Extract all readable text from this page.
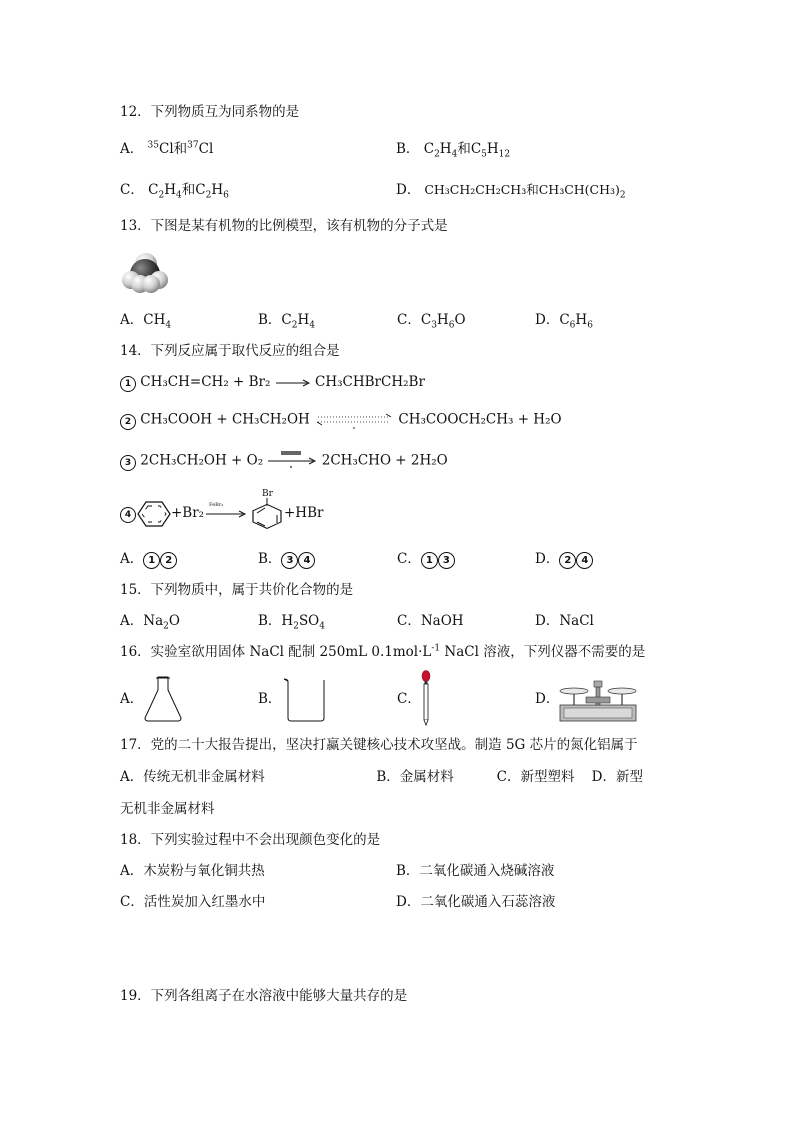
12．下列物质互为同系物的是
A． $^{35}$Cl和$^{37}$Cl	B． $C_2H_4$和$C_5H_{12}$
C． $C_2H_4$和$C_2H_6$	D． CH₃CH₂CH₂CH₃和$CH_3CH(CH_3)_2$
13．下图是某有机物的比例模型，该有机物的分子式是
A．$CH_4$	B．$C_2H_4$	C．$C_3H_6O$	D．$C_6H_6$
14．下列反应属于取代反应的组合是
1 CH₃CH=CH₂ + Br₂ → CH₃CHBrCH₂Br
2 CH₃COOH + CH₃CH₂OH	CH₃COOCH₂CH₃ + H₂O
3 2CH₃CH₂OH + O₂	2CH₃CHO + 2H₂O
4	+Br₂ FeBr₃
Br
+HBr
A． 1 2	B． 3 4	C． 1 3	D． 2 4
15．下列物质中，属于共价化合物的是
A．$Na_2O$	B．$H_2SO_4$	C．NaOH	D．NaCl
16．实验室欲用固体 NaCl 配制 250mL $0.1mol\cdot L^{-1}$ NaCl 溶液，下列仪器不需要的是
A．	B．	C．	D．
17．党的二十大报告提出，坚决打赢关键核心技术攻坚战。制造 5G 芯片的氮化铝属于
A．传统无机非金属材料                          B．金属材料          C．新型塑料    D．新型
无机非金属材料
18．下列实验过程中不会出现颜色变化的是
A．木炭粉与氧化铜共热	B．二氧化碳通入烧碱溶液
C．活性炭加入红墨水中	D．二氧化碳通入石蕊溶液
19．下列各组离子在水溶液中能够大量共存的是
